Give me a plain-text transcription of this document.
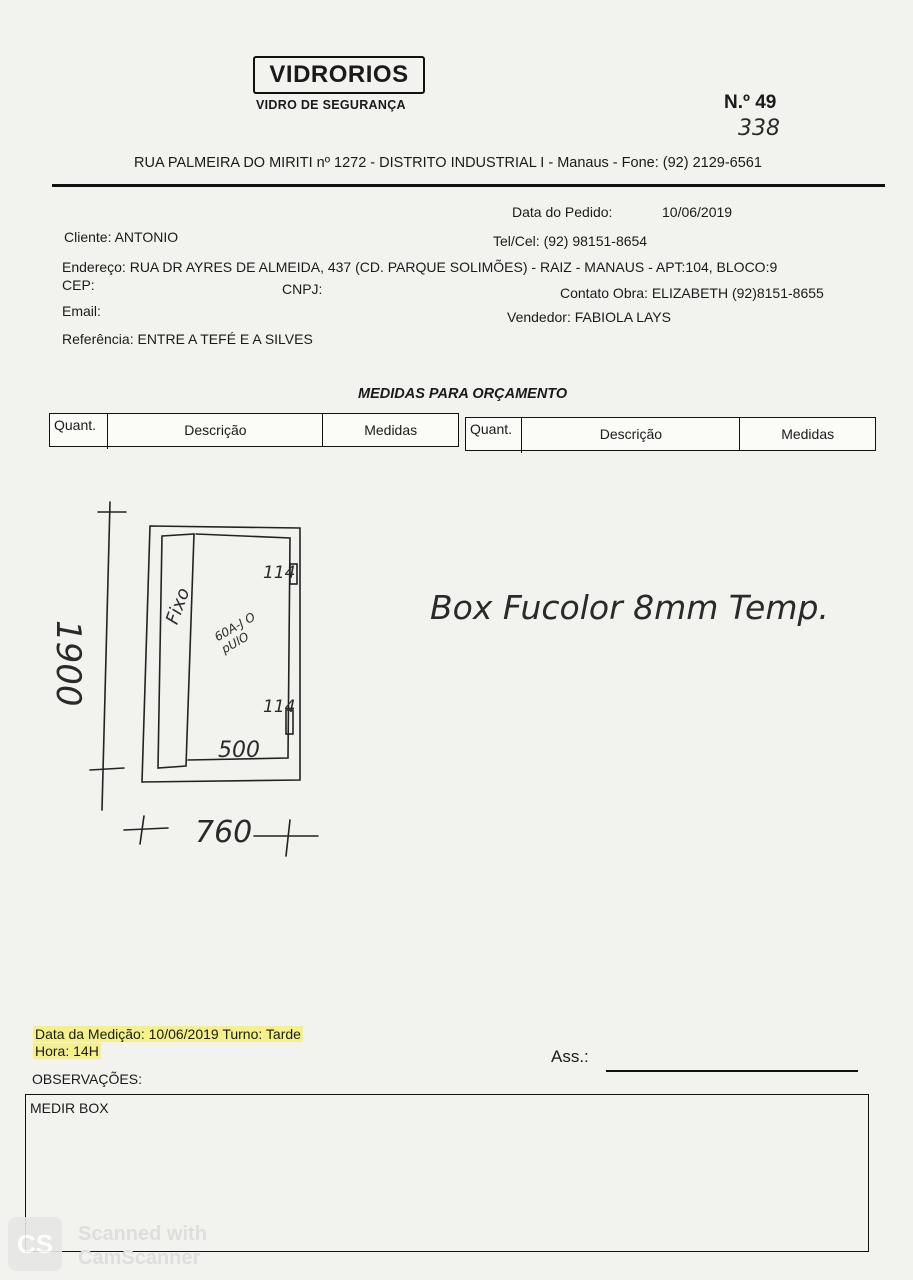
VIDRORIOS
VIDRO DE SEGURANÇA	N.º 49
338
RUA PALMEIRA DO MIRITI nº 1272 - DISTRITO INDUSTRIAL I - Manaus - Fone: (92) 2129-6561
Data do Pedido:	10/06/2019
Cliente: ANTONIO	Tel/Cel: (92) 98151-8654
Endereço: RUA DR AYRES DE ALMEIDA, 437 (CD. PARQUE SOLIMÕES) - RAIZ - MANAUS - APT:104, BLOCO:9
CEP:	CNPJ:	Contato Obra: ELIZABETH (92)8151-8655
Email:	Vendedor: FABIOLA LAYS
Referência: ENTRE A TEFÉ E A SILVES
MEDIDAS PARA ORÇAMENTO
Quant.	Descrição	Medidas	Quant.	Descrição	Medidas
1900
760
500
Fixo 60A-J O pUlO
114
114
Box Fucolor 8mm Temp.
Data da Medição: 10/06/2019 Turno: Tarde
Hora: 14H	Ass.:
OBSERVAÇÕES:
MEDIR BOX
CS	Scanned with
CamScanner
